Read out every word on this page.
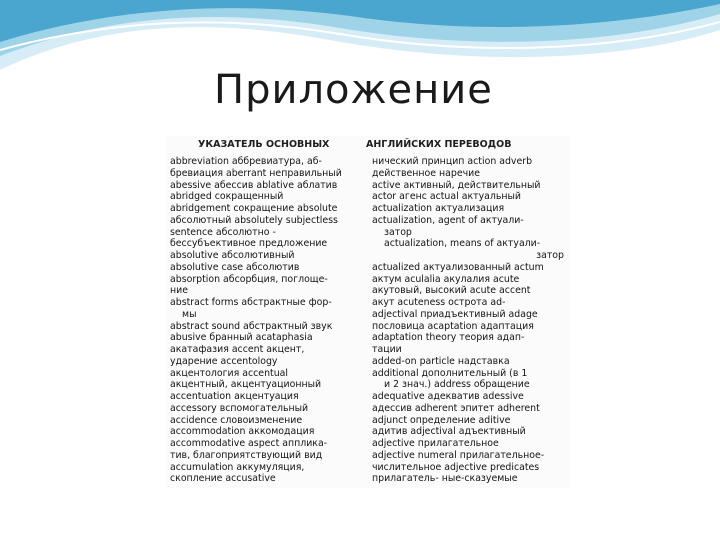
Приложение
УКАЗАТЕЛЬ ОСНОВНЫХ	АНГЛИЙСКИХ ПЕРЕВОДОВ
abbreviation аббревиатура, аб-
бревиация aberrant неправильный
abessive абессив ablative аблатив
abridged сокращенный
abridgement сокращение absolute
абсолютный absolutely subjectless
sentence абсолютно -
бессубъективное предложение
absolutive абсолютивный
absolutive case абсолютив
absorption абсорбция, поглоще-
ние
abstract forms абстрактные фор-
мы
abstract sound абстрактный звук
abusive бранный acataphasia
акатафазия accent акцент,
ударение accentology
акцентология accentual
акцентный, акцентуационный
accentuation акцентуация
accessory вспомогательный
accidence словоизменение
accommodation аккомодация
accommodative aspect апплика-
тив, благоприятствующий вид
accumulation аккумуляция,
скопление accusative
нический принцип action adverb
действенное наречие
active активный, действительный
actor агенс actual актуальный
actualization актуализация
actualization, agent of актуали-
затор
actualization, means of актуали-
затор
actualized актуализованный actum
актум aculalia акулалия acute
акутовый, высокий acute accent
акут acuteness острота ad-
adjectival приадъективный adage
пословица acaptation адаптация
adaptation theory теория адап-
тации
added-on particle надставка
additional дополнительный (в 1
и 2 знач.) address обращение
adequative адекватив adessive
адессив adherent эпитет adherent
adjunct определение aditive
адитив adjectival адъективный
adjective прилагательное
adjective numeral прилагательное-
числительное adjective predicates
прилагатель- ные-сказуемые
